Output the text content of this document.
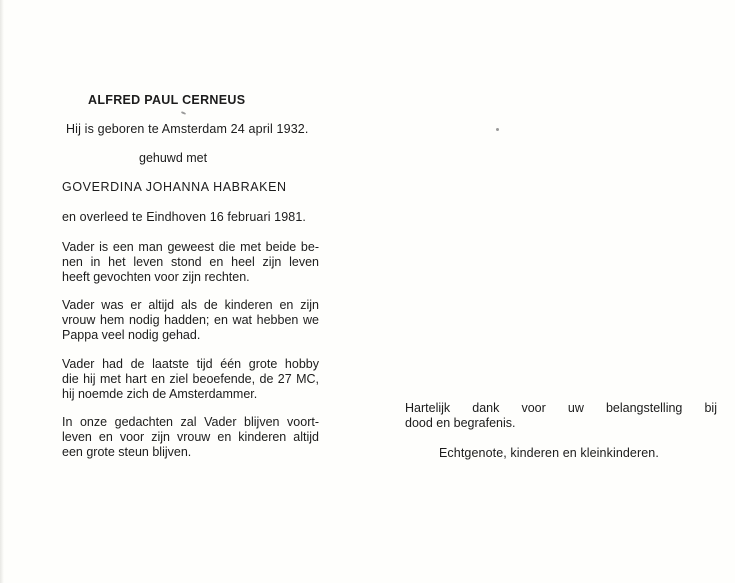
ALFRED PAUL CERNEUS

Hij is geboren te Amsterdam 24 april 1932.

gehuwd met

GOVERDINA JOHANNA HABRAKEN

en overleed te Eindhoven 16 februari 1981.

Vader is een man geweest die met beide be-
nen in het leven stond en heel zijn leven
heeft gevochten voor zijn rechten.
Vader was er altijd als de kinderen en zijn
vrouw hem nodig hadden; en wat hebben we
Pappa veel nodig gehad.
Vader had de laatste tijd één grote hobby
die hij met hart en ziel beoefende, de 27 MC,
hij noemde zich de Amsterdammer.
In onze gedachten zal Vader blijven voort-
leven en voor zijn vrouw en kinderen altijd
een grote steun blijven.
Hartelijk dank voor uw belangstelling bij
dood en begrafenis.

Echtgenote, kinderen en kleinkinderen.
